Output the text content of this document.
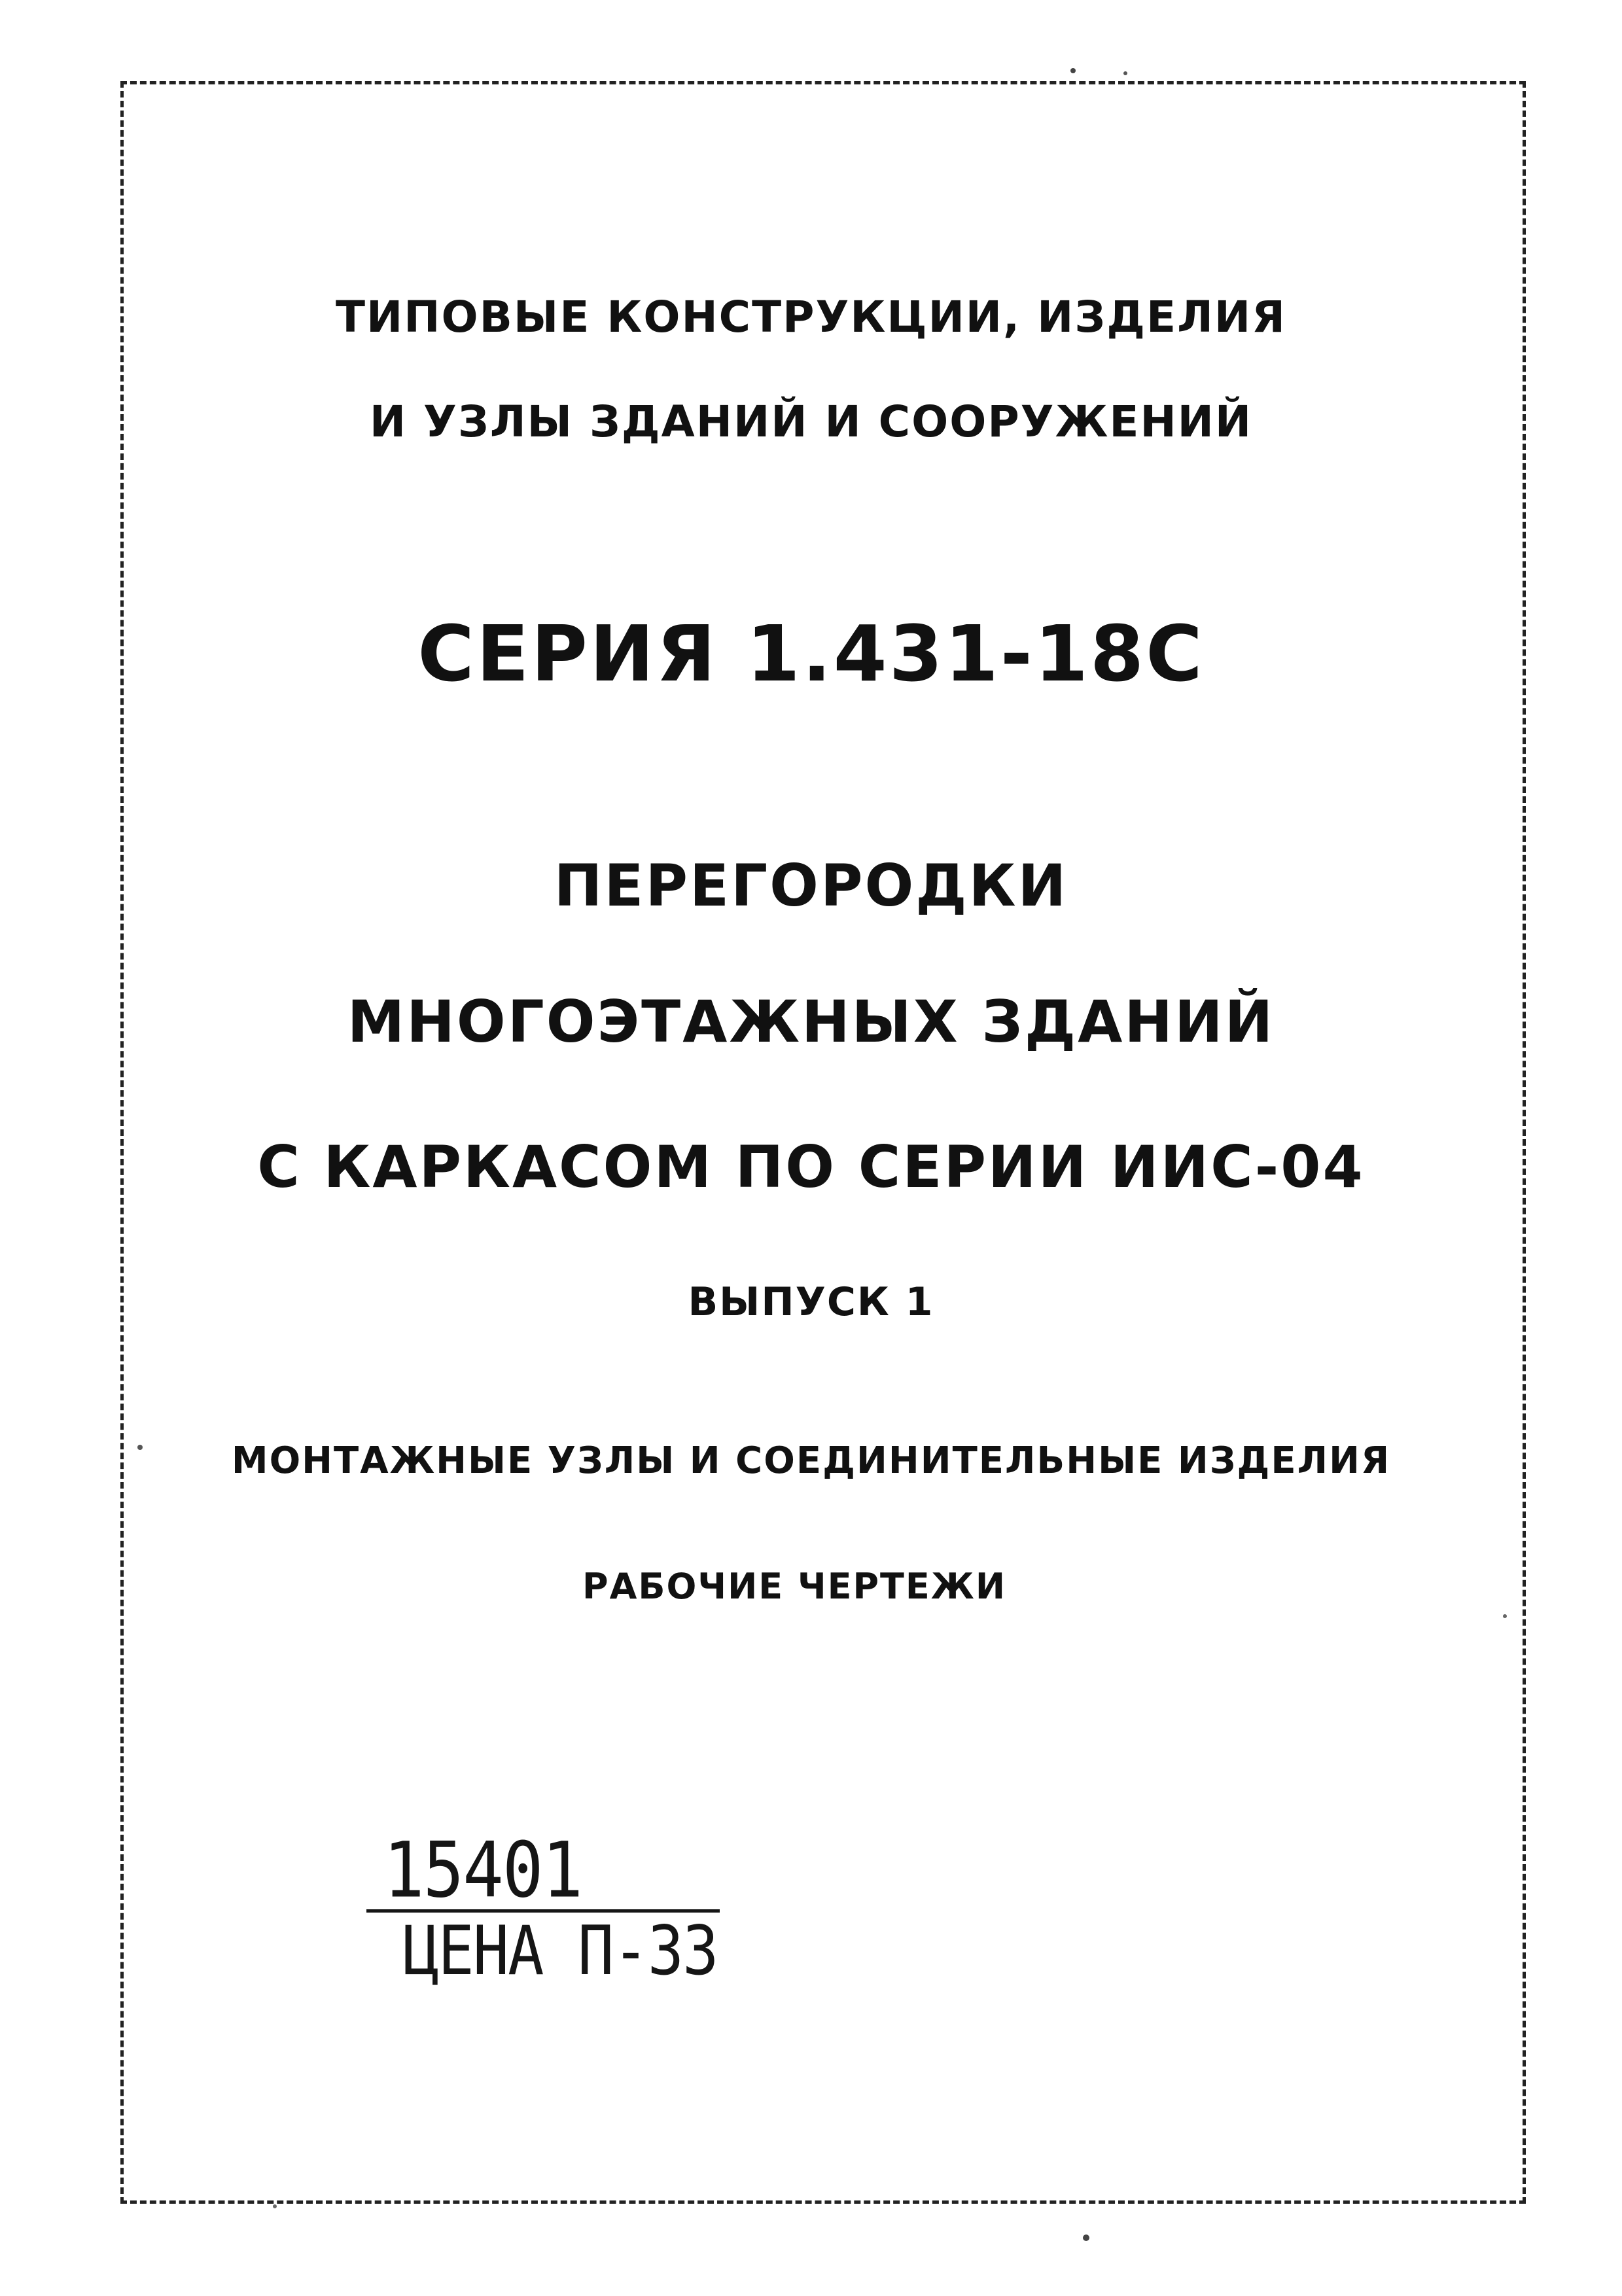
ТИПОВЫЕ КОНСТРУКЦИИ, ИЗДЕЛИЯ
И УЗЛЫ ЗДАНИЙ И СООРУЖЕНИЙ
СЕРИЯ 1.431-18С
ПЕРЕГОРОДКИ
МНОГОЭТАЖНЫХ ЗДАНИЙ
С КАРКАСОМ ПО СЕРИИ ИИС-04
ВЫПУСК 1
МОНТАЖНЫЕ УЗЛЫ И СОЕДИНИТЕЛЬНЫЕ ИЗДЕЛИЯ
РАБОЧИЕ ЧЕРТЕЖИ
15401
ЦЕНА П-33
